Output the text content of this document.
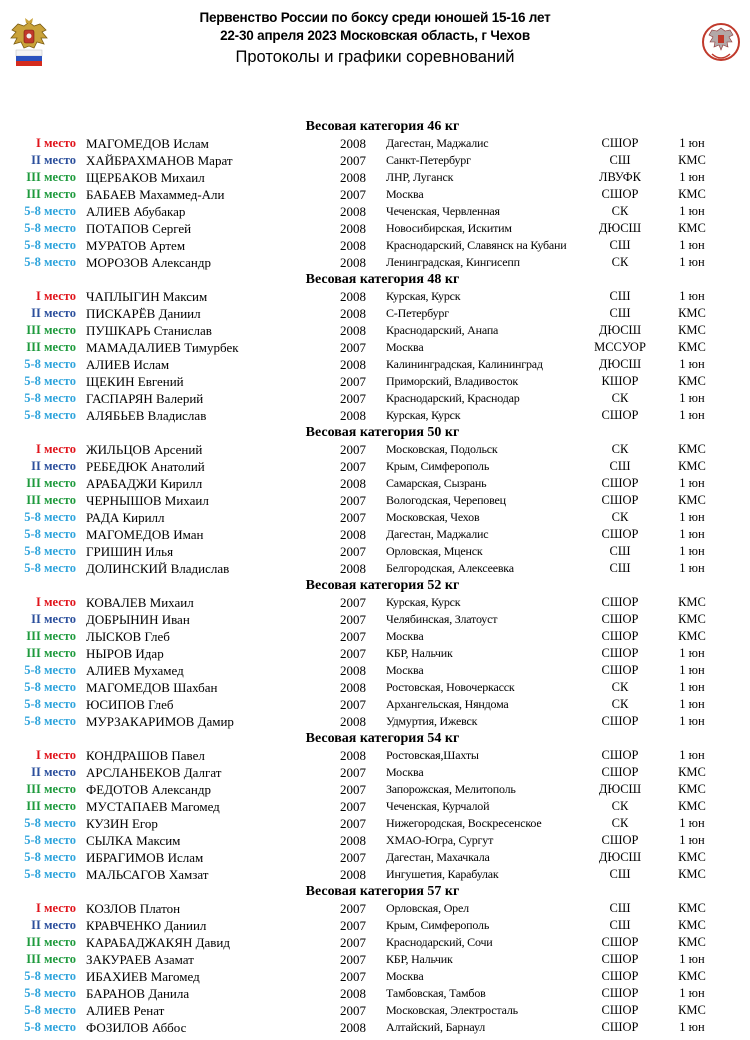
Первенство России по боксу среди юношей 15-16 лет
22-30 апреля 2023 Московская область, г Чехов
Протоколы и графики соревнований
Весовая категория 46 кг
I место МАГОМЕДОВ Ислам	2008 Дагестан, Маджалис	СШОР	1 юн
II место ХАЙБРАХМАНОВ Марат	2007 Санкт-Петербург	СШ	КМС
III место ЩЕРБАКОВ Михаил	2008 ЛНР, Луганск	ЛВУФК	1 юн
III место БАБАЕВ Махаммед-Али	2007 Москва	СШОР	КМС
5-8 место АЛИЕВ Абубакар	2008 Чеченская, Червленная	СК	1 юн
5-8 место ПОТАПОВ Сергей	2008 Новосибирская, Искитим	ДЮСШ	КМС
5-8 место МУРАТОВ Артем	2008 Краснодарский, Славянск на Кубани	СШ	1 юн
5-8 место МОРОЗОВ Александр	2008 Ленинградская, Кингисепп	СК	1 юн
Весовая категория 48 кг
I место ЧАПЛЫГИН Максим	2008 Курская, Курск	СШ	1 юн
II место ПИСКАРЁВ Даниил	2008 С-Петербург	СШ	КМС
III место ПУШКАРЬ Станислав	2008 Краснодарский, Анапа	ДЮСШ	КМС
III место МАМАДАЛИЕВ Тимурбек	2007 Москва	МССУОР	КМС
5-8 место АЛИЕВ Ислам	2008 Калининградская, Калининград	ДЮСШ	1 юн
5-8 место ЩЕКИН Евгений	2007 Приморский, Владивосток	КШОР	КМС
5-8 место ГАСПАРЯН Валерий	2007 Краснодарский, Краснодар	СК	1 юн
5-8 место АЛЯБЬЕВ Владислав	2008 Курская, Курск	СШОР	1 юн
Весовая категория 50 кг
I место ЖИЛЬЦОВ Арсений	2007 Московская, Подольск	СК	КМС
II место РЕБЕДЮК Анатолий	2007 Крым, Симферополь	СШ	КМС
III место АРАБАДЖИ Кирилл	2008 Самарская, Сызрань	СШОР	1 юн
III место ЧЕРНЫШОВ Михаил	2007 Вологодская, Череповец	СШОР	КМС
5-8 место РАДА Кирилл	2007 Московская, Чехов	СК	1 юн
5-8 место МАГОМЕДОВ Иман	2008 Дагестан, Маджалис	СШОР	1 юн
5-8 место ГРИШИН Илья	2007 Орловская, Мценск	СШ	1 юн
5-8 место ДОЛИНСКИЙ Владислав	2008 Белгородская, Алексеевка	СШ	1 юн
Весовая категория 52 кг
I место КОВАЛЕВ Михаил	2007 Курская, Курск	СШОР	КМС
II место ДОБРЫНИН Иван	2007 Челябинская, Златоуст	СШОР	КМС
III место ЛЫСКОВ Глеб	2007 Москва	СШОР	КМС
III место НЫРОВ Идар	2007 КБР, Нальчик	СШОР	1 юн
5-8 место АЛИЕВ Мухамед	2008 Москва	СШОР	1 юн
5-8 место МАГОМЕДОВ Шахбан	2008 Ростовская, Новочеркасск	СК	1 юн
5-8 место ЮСИПОВ Глеб	2007 Архангельская, Няндома	СК	1 юн
5-8 место МУРЗАКАРИМОВ Дамир	2008 Удмуртия, Ижевск	СШОР	1 юн
Весовая категория 54 кг
I место КОНДРАШОВ Павел	2008 Ростовская,Шахты	СШОР	1 юн
II место АРСЛАНБЕКОВ Далгат	2007 Москва	СШОР	КМС
III место ФЕДОТОВ Александр	2007 Запорожская, Мелитополь	ДЮСШ	КМС
III место МУСТАПАЕВ Магомед	2007 Чеченская, Курчалой	СК	КМС
5-8 место КУЗИН Егор	2007 Нижегородская, Воскресенское	СК	1 юн
5-8 место СЫЛКА Максим	2008 ХМАО-Югра, Сургут	СШОР	1 юн
5-8 место ИБРАГИМОВ Ислам	2007 Дагестан, Махачкала	ДЮСШ	КМС
5-8 место МАЛЬСАГОВ Хамзат	2008 Ингушетия, Карабулак	СШ	КМС
Весовая категория 57 кг
I место КОЗЛОВ Платон	2007 Орловская, Орел	СШ	КМС
II место КРАВЧЕНКО Даниил	2007 Крым, Симферополь	СШ	КМС
III место КАРАБАДЖАКЯН Давид	2007 Краснодарский, Сочи	СШОР	КМС
III место ЗАКУРАЕВ Азамат	2007 КБР, Нальчик	СШОР	1 юн
5-8 место ИБАХИЕВ Магомед	2007 Москва	СШОР	КМС
5-8 место БАРАНОВ Данила	2008 Тамбовская, Тамбов	СШОР	1 юн
5-8 место АЛИЕВ Ренат	2007 Московская, Электросталь	СШОР	КМС
5-8 место ФОЗИЛОВ Аббос	2008 Алтайский, Барнаул	СШОР	1 юн
